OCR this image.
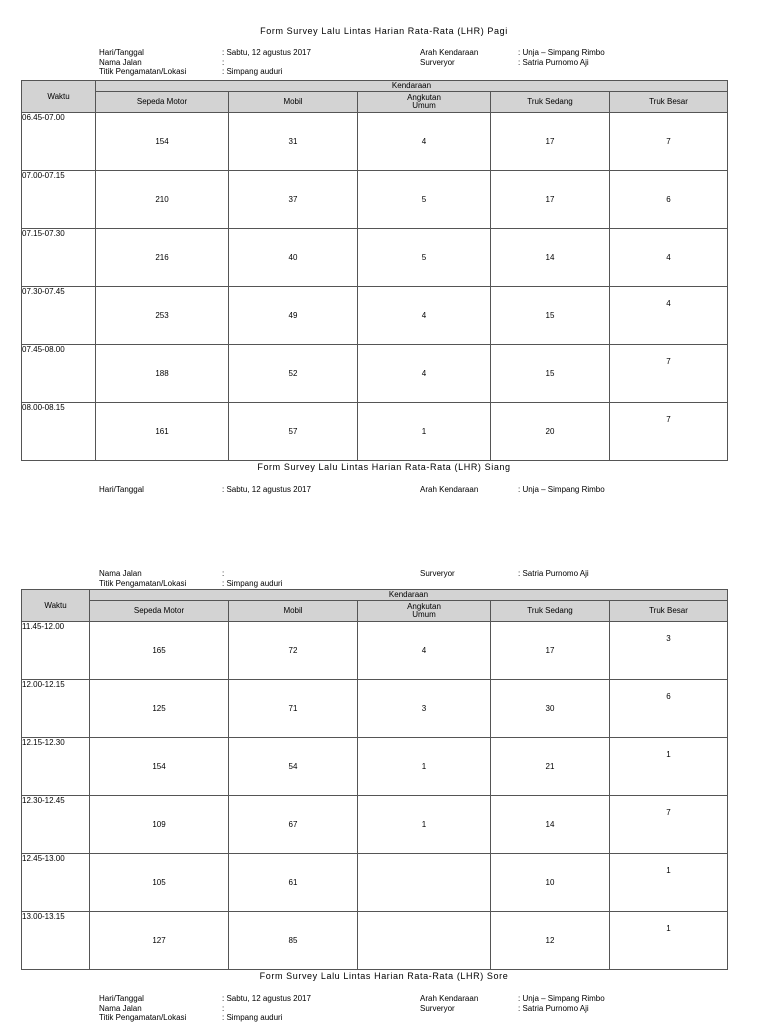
Form Survey Lalu Lintas Harian Rata-Rata (LHR) Pagi
Hari/Tanggal
Nama Jalan
Titik Pengamatan/Lokasi
: Sabtu, 12 agustus 2017
:
: Simpang auduri
Arah Kendaraan
Surveryor
: Unja – Simpang Rimbo
: Satria Purnomo Aji
Waktu	Kendaraan				
	Sepeda Motor	Mobil	Angkutan
Umum	Truk Sedang	Truk Besar
06.45-07.00	154	31	4	17	7
07.00-07.15	210	37	5	17	6
07.15-07.30	216	40	5	14	4
07.30-07.45	253	49	4	15	4

07.45-08.00	188	52	4	15	7

08.00-08.15	161	57	1	20	7
Form Survey Lalu Lintas Harian Rata-Rata (LHR) Siang
Hari/Tanggal	: Sabtu, 12 agustus 2017	Arah Kendaraan	: Unja – Simpang Rimbo
Nama Jalan
Titik Pengamatan/Lokasi
:
: Simpang auduri
Surveryor	: Satria Purnomo Aji
Waktu	Kendaraan				
	Sepeda Motor	Mobil	Angkutan
Umum	Truk Sedang	Truk Besar
11.45-12.00	165	72	4	17	3

12.00-12.15	125	71	3	30	6

12.15-12.30	154	54	1	21	1

12.30-12.45	109	67	1	14	7

12.45-13.00	105	61		10	1

13.00-13.15	127	85		12	1
Form Survey Lalu Lintas Harian Rata-Rata (LHR) Sore
Hari/Tanggal
Nama Jalan
Titik Pengamatan/Lokasi
: Sabtu, 12 agustus 2017
:
: Simpang auduri
Arah Kendaraan
Surveryor
: Unja – Simpang Rimbo
: Satria Purnomo Aji
